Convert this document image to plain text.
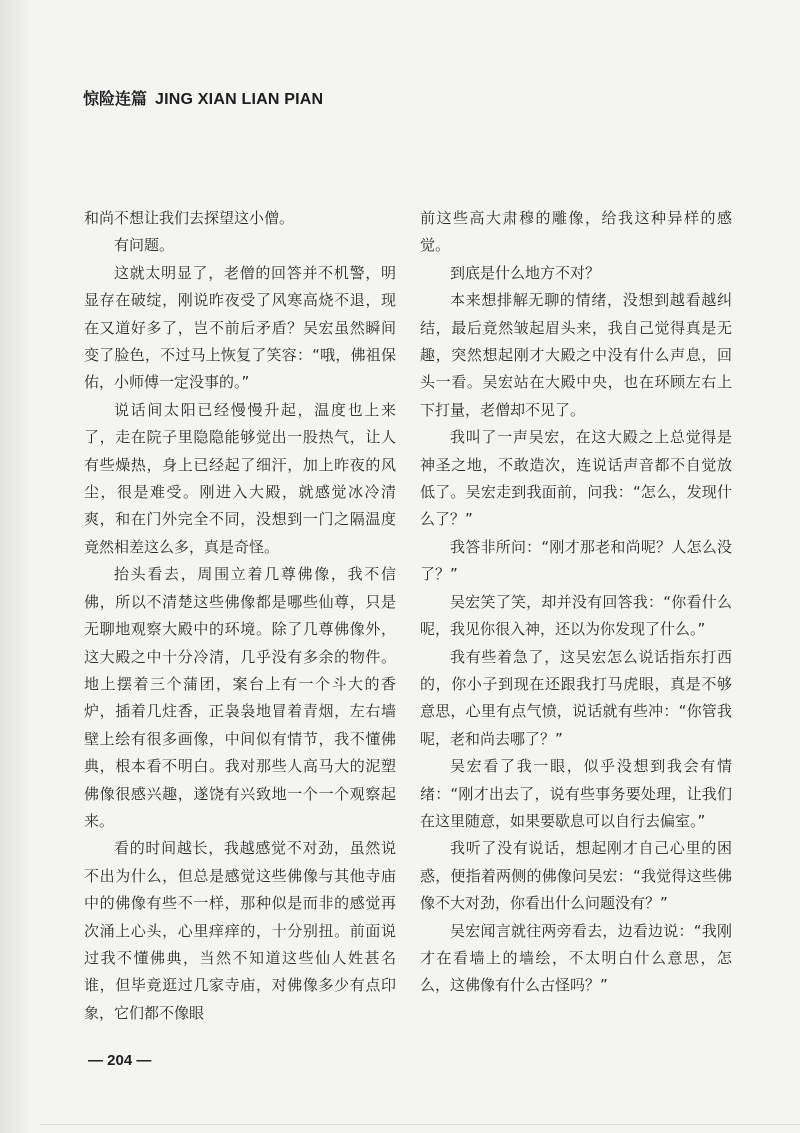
惊险连篇 JING XIAN LIAN PIAN

和尚不想让我们去探望这小僧。

有问题。

这就太明显了，老僧的回答并不机警，明显存在破绽，刚说昨夜受了风寒高烧不退，现在又道好多了，岂不前后矛盾？吴宏虽然瞬间变了脸色，不过马上恢复了笑容：“哦，佛祖保佑，小师傅一定没事的。”

说话间太阳已经慢慢升起，温度也上来了，走在院子里隐隐能够觉出一股热气，让人有些燥热，身上已经起了细汗，加上昨夜的风尘，很是难受。刚进入大殿，就感觉冰冷清爽，和在门外完全不同，没想到一门之隔温度竟然相差这么多，真是奇怪。

抬头看去，周围立着几尊佛像，我不信佛，所以不清楚这些佛像都是哪些仙尊，只是无聊地观察大殿中的环境。除了几尊佛像外，这大殿之中十分冷清，几乎没有多余的物件。地上摆着三个蒲团，案台上有一个斗大的香炉，插着几炷香，正袅袅地冒着青烟，左右墙壁上绘有很多画像，中间似有情节，我不懂佛典，根本看不明白。我对那些人高马大的泥塑佛像很感兴趣，遂饶有兴致地一个一个观察起来。

看的时间越长，我越感觉不对劲，虽然说不出为什么，但总是感觉这些佛像与其他寺庙中的佛像有些不一样，那种似是而非的感觉再次涌上心头，心里痒痒的，十分别扭。前面说过我不懂佛典，当然不知道这些仙人姓甚名谁，但毕竟逛过几家寺庙，对佛像多少有点印象，它们都不像眼

前这些高大肃穆的雕像，给我这种异样的感觉。

到底是什么地方不对？

本来想排解无聊的情绪，没想到越看越纠结，最后竟然皱起眉头来，我自己觉得真是无趣，突然想起刚才大殿之中没有什么声息，回头一看。吴宏站在大殿中央，也在环顾左右上下打量，老僧却不见了。

我叫了一声吴宏，在这大殿之上总觉得是神圣之地，不敢造次，连说话声音都不自觉放低了。吴宏走到我面前，问我：“怎么，发现什么了？”

我答非所问：“刚才那老和尚呢？人怎么没了？”

吴宏笑了笑，却并没有回答我：“你看什么呢，我见你很入神，还以为你发现了什么。”

我有些着急了，这吴宏怎么说话指东打西的，你小子到现在还跟我打马虎眼，真是不够意思，心里有点气愤，说话就有些冲：“你管我呢，老和尚去哪了？”

吴宏看了我一眼，似乎没想到我会有情绪：“刚才出去了，说有些事务要处理，让我们在这里随意，如果要歇息可以自行去偏室。”

我听了没有说话，想起刚才自己心里的困惑，便指着两侧的佛像问吴宏：“我觉得这些佛像不大对劲，你看出什么问题没有？”

吴宏闻言就往两旁看去，边看边说：“我刚才在看墙上的墙绘，不太明白什么意思，怎么，这佛像有什么古怪吗？”

— 204 —
